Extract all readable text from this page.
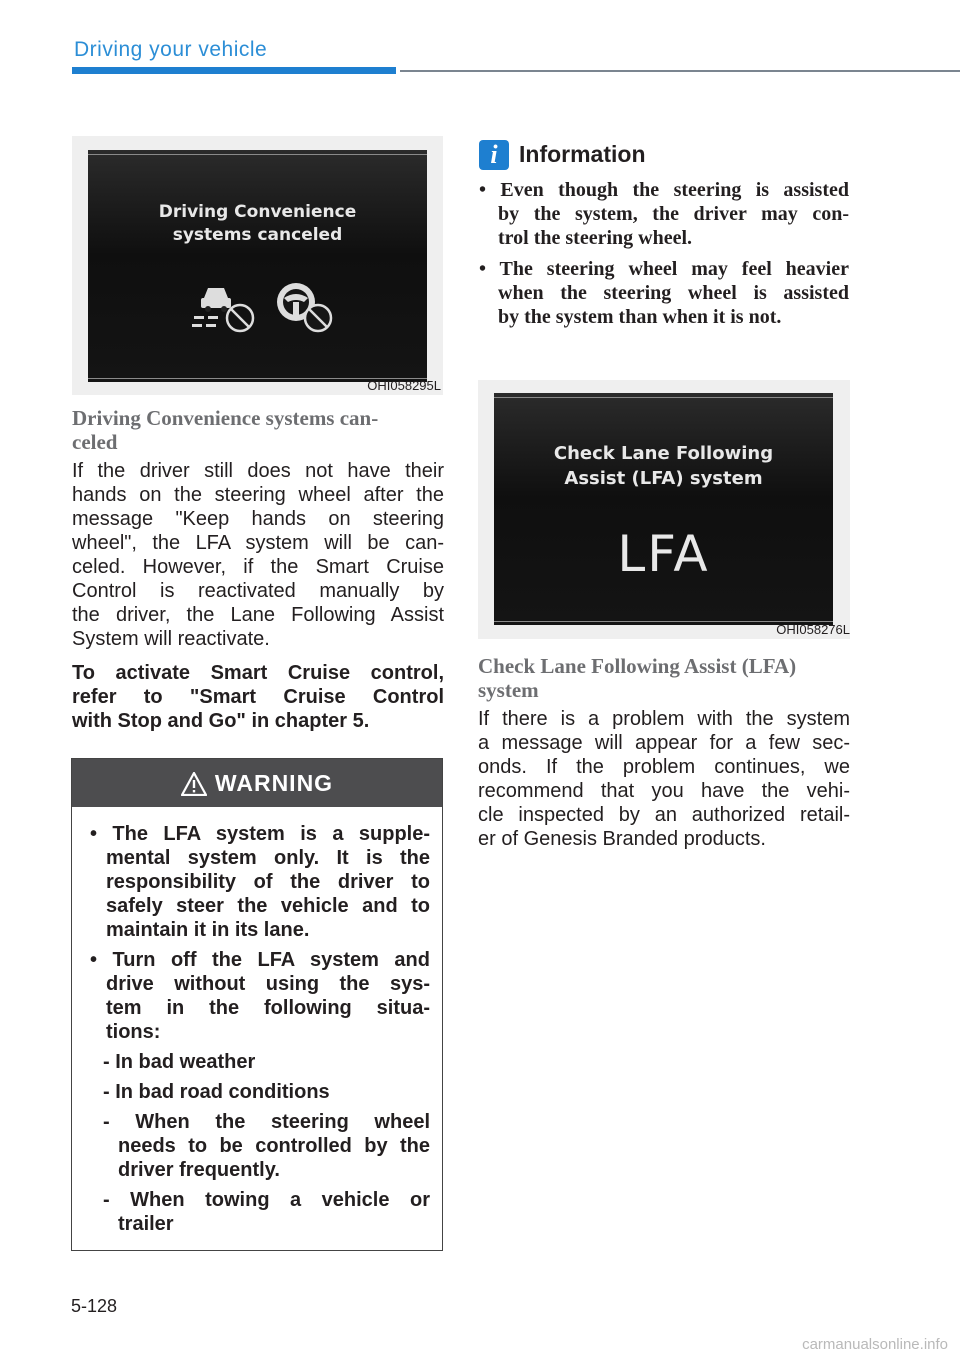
Driving your vehicle
Driving Convenience
systems canceled
OHI058295L
Driving Convenience systems can-
celed
If the driver still does not have their
hands on the steering wheel after the
message "Keep hands on steering
wheel", the LFA system will be can-
celed. However, if the Smart Cruise
Control is reactivated manually by
the driver, the Lane Following Assist
System will reactivate.
To activate Smart Cruise control,
refer to "Smart Cruise Control
with Stop and Go" in chapter 5.
WARNING
• The LFA system is a supple-
mental system only. It is the
responsibility of the driver to
safely steer the vehicle and to
maintain it in its lane.
• Turn off the LFA system and
drive without using the sys-
tem in the following situa-
tions:
- In bad weather
- In bad road conditions
- When the steering wheel
needs to be controlled by the
driver frequently.
- When towing a vehicle or
trailer
i Information
• Even though the steering is assisted
by the system, the driver may con-
trol the steering wheel.
• The steering wheel may feel heavier
when the steering wheel is assisted
by the system than when it is not.
Check Lane Following
Assist (LFA) system
LFA
OHI058276L
Check Lane Following Assist (LFA)
system
If there is a problem with the system
a message will appear for a few sec-
onds. If the problem continues, we
recommend that you have the vehi-
cle inspected by an authorized retail-
er of Genesis Branded products.
5-128
carmanualsonline.info
